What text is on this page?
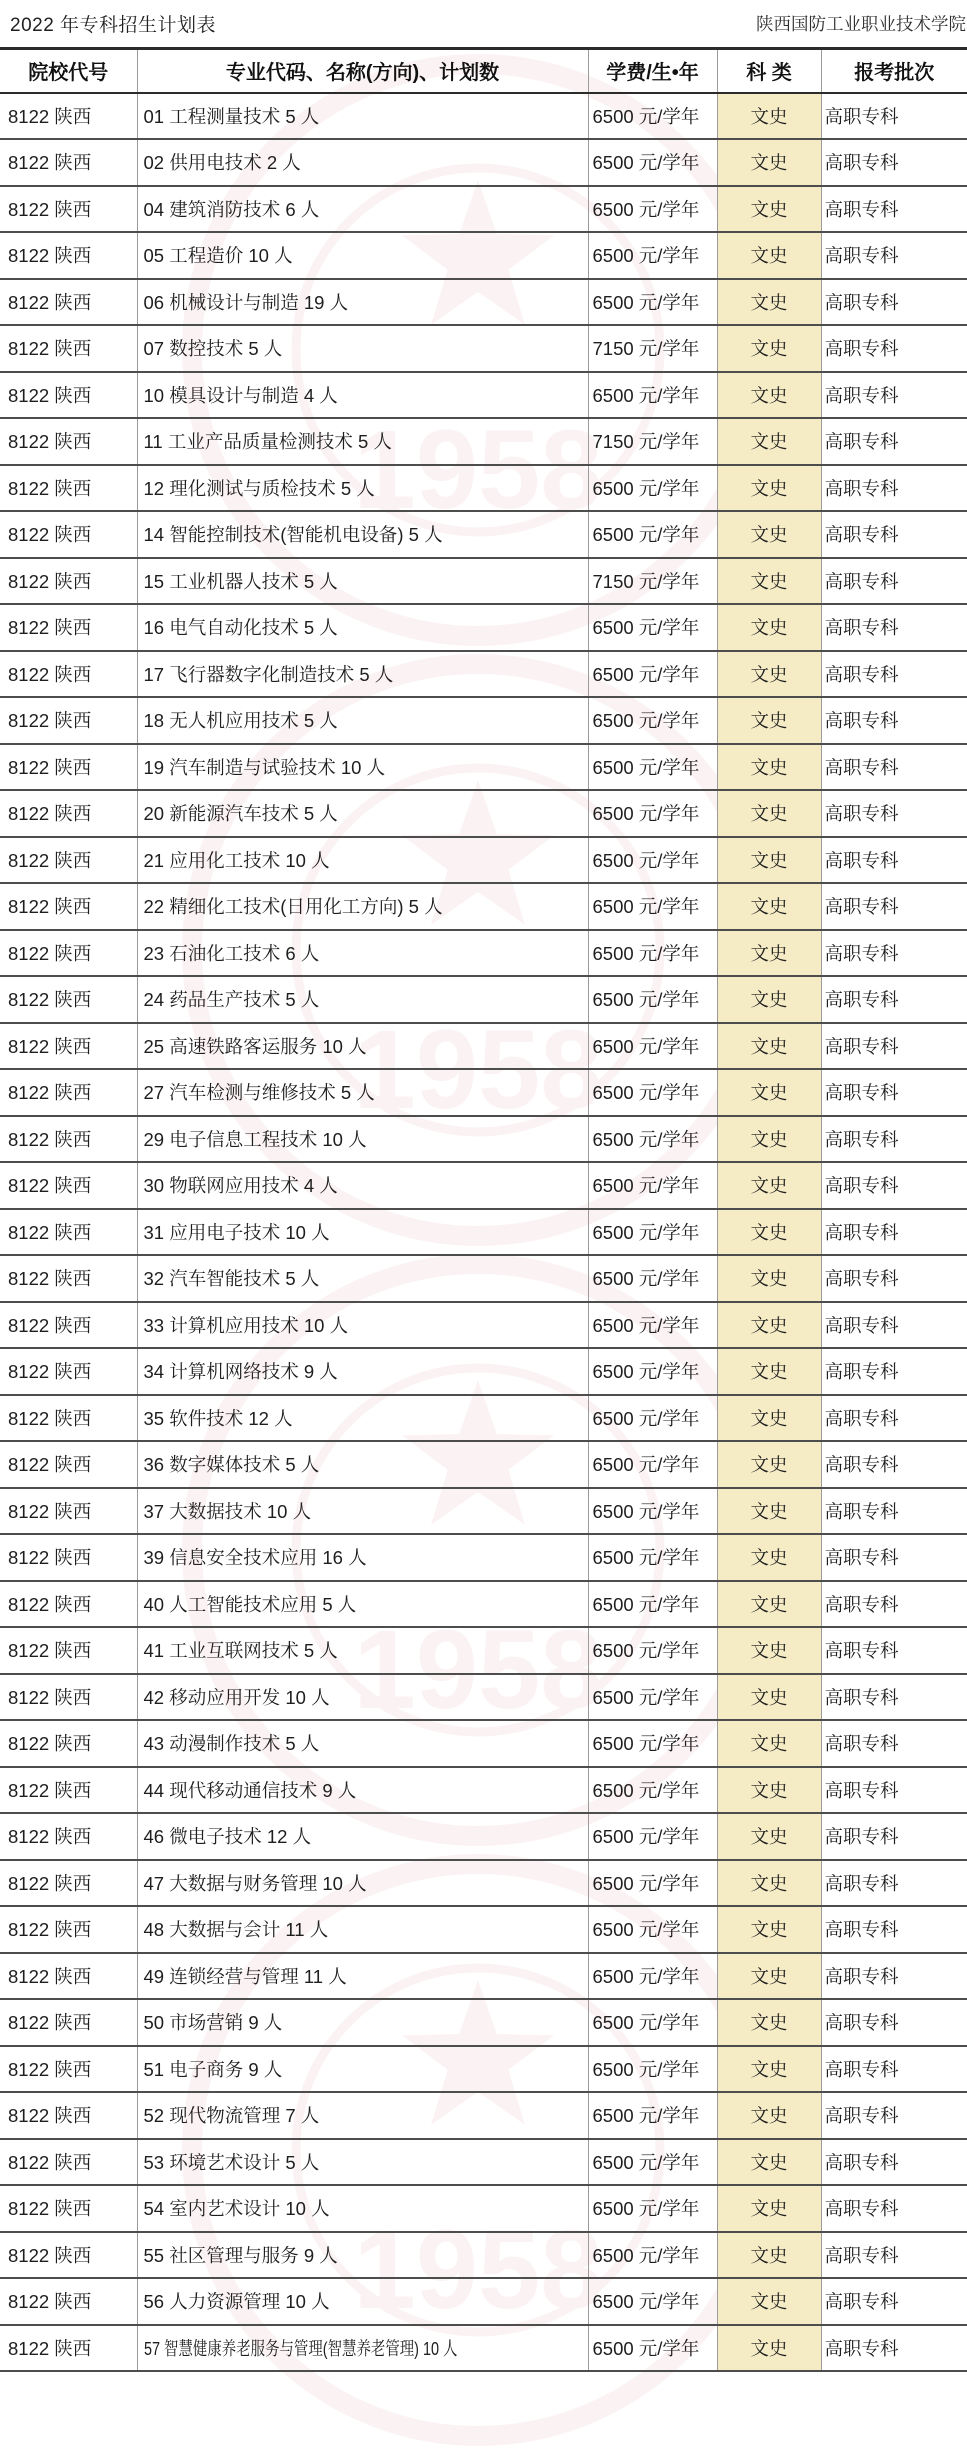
1958
1958
1958
1958
2022 年专科招生计划表	陕西国防工业职业技术学院
院校代号	专业代码、名称(方向)、计划数	学费/生•年	科 类	报考批次
8122 陕西	01 工程测量技术 5 人	6500 元/学年	文史	高职专科
8122 陕西	02 供用电技术 2 人	6500 元/学年	文史	高职专科
8122 陕西	04 建筑消防技术 6 人	6500 元/学年	文史	高职专科
8122 陕西	05 工程造价 10 人	6500 元/学年	文史	高职专科
8122 陕西	06 机械设计与制造 19 人	6500 元/学年	文史	高职专科
8122 陕西	07 数控技术 5 人	7150 元/学年	文史	高职专科
8122 陕西	10 模具设计与制造 4 人	6500 元/学年	文史	高职专科
8122 陕西	11 工业产品质量检测技术 5 人	7150 元/学年	文史	高职专科
8122 陕西	12 理化测试与质检技术 5 人	6500 元/学年	文史	高职专科
8122 陕西	14 智能控制技术(智能机电设备) 5 人	6500 元/学年	文史	高职专科
8122 陕西	15 工业机器人技术 5 人	7150 元/学年	文史	高职专科
8122 陕西	16 电气自动化技术 5 人	6500 元/学年	文史	高职专科
8122 陕西	17 飞行器数字化制造技术 5 人	6500 元/学年	文史	高职专科
8122 陕西	18 无人机应用技术 5 人	6500 元/学年	文史	高职专科
8122 陕西	19 汽车制造与试验技术 10 人	6500 元/学年	文史	高职专科
8122 陕西	20 新能源汽车技术 5 人	6500 元/学年	文史	高职专科
8122 陕西	21 应用化工技术 10 人	6500 元/学年	文史	高职专科
8122 陕西	22 精细化工技术(日用化工方向) 5 人	6500 元/学年	文史	高职专科
8122 陕西	23 石油化工技术 6 人	6500 元/学年	文史	高职专科
8122 陕西	24 药品生产技术 5 人	6500 元/学年	文史	高职专科
8122 陕西	25 高速铁路客运服务 10 人	6500 元/学年	文史	高职专科
8122 陕西	27 汽车检测与维修技术 5 人	6500 元/学年	文史	高职专科
8122 陕西	29 电子信息工程技术 10 人	6500 元/学年	文史	高职专科
8122 陕西	30 物联网应用技术 4 人	6500 元/学年	文史	高职专科
8122 陕西	31 应用电子技术 10 人	6500 元/学年	文史	高职专科
8122 陕西	32 汽车智能技术 5 人	6500 元/学年	文史	高职专科
8122 陕西	33 计算机应用技术 10 人	6500 元/学年	文史	高职专科
8122 陕西	34 计算机网络技术 9 人	6500 元/学年	文史	高职专科
8122 陕西	35 软件技术 12 人	6500 元/学年	文史	高职专科
8122 陕西	36 数字媒体技术 5 人	6500 元/学年	文史	高职专科
8122 陕西	37 大数据技术 10 人	6500 元/学年	文史	高职专科
8122 陕西	39 信息安全技术应用 16 人	6500 元/学年	文史	高职专科
8122 陕西	40 人工智能技术应用 5 人	6500 元/学年	文史	高职专科
8122 陕西	41 工业互联网技术 5 人	6500 元/学年	文史	高职专科
8122 陕西	42 移动应用开发 10 人	6500 元/学年	文史	高职专科
8122 陕西	43 动漫制作技术 5 人	6500 元/学年	文史	高职专科
8122 陕西	44 现代移动通信技术 9 人	6500 元/学年	文史	高职专科
8122 陕西	46 微电子技术 12 人	6500 元/学年	文史	高职专科
8122 陕西	47 大数据与财务管理 10 人	6500 元/学年	文史	高职专科
8122 陕西	48 大数据与会计 11 人	6500 元/学年	文史	高职专科
8122 陕西	49 连锁经营与管理 11 人	6500 元/学年	文史	高职专科
8122 陕西	50 市场营销 9 人	6500 元/学年	文史	高职专科
8122 陕西	51 电子商务 9 人	6500 元/学年	文史	高职专科
8122 陕西	52 现代物流管理 7 人	6500 元/学年	文史	高职专科
8122 陕西	53 环境艺术设计 5 人	6500 元/学年	文史	高职专科
8122 陕西	54 室内艺术设计 10 人	6500 元/学年	文史	高职专科
8122 陕西	55 社区管理与服务 9 人	6500 元/学年	文史	高职专科
8122 陕西	56 人力资源管理 10 人	6500 元/学年	文史	高职专科
8122 陕西	57 智慧健康养老服务与管理(智慧养老管理) 10 人	6500 元/学年	文史	高职专科
